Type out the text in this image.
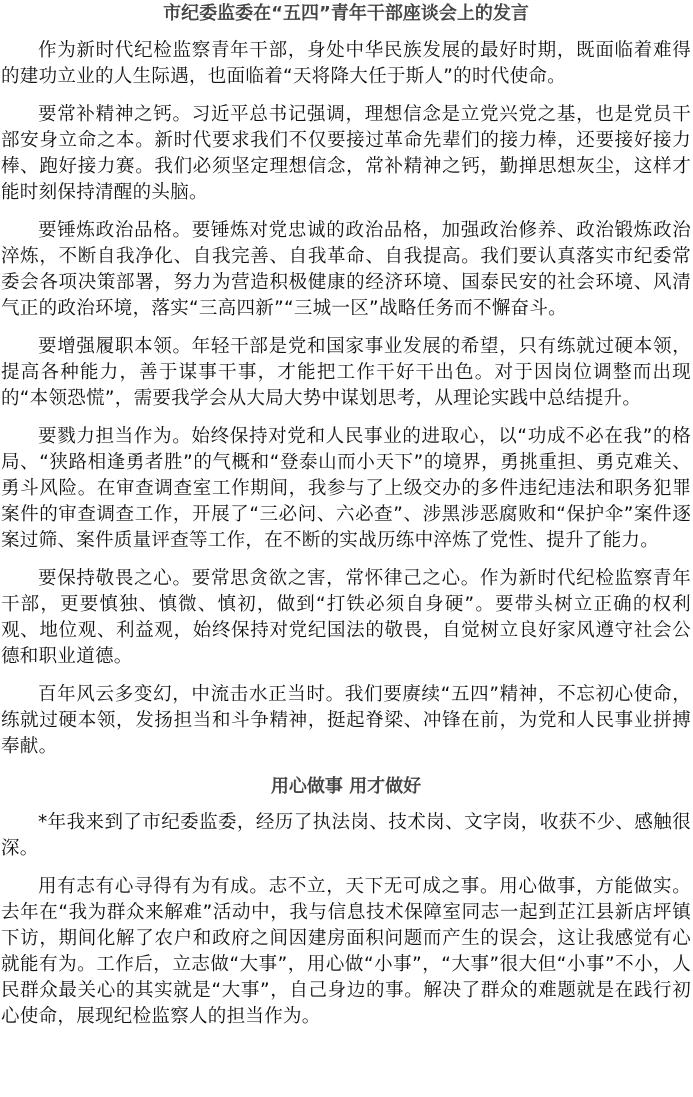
市纪委监委在“五四”青年干部座谈会上的发言

作为新时代纪检监察青年干部，身处中华民族发展的最好时期，既面临着难得的建功立业的人生际遇，也面临着“天将降大任于斯人”的时代使命。

要常补精神之钙。习近平总书记强调，理想信念是立党兴党之基，也是党员干部安身立命之本。新时代要求我们不仅要接过革命先辈们的接力棒，还要接好接力棒、跑好接力赛。我们必须坚定理想信念，常补精神之钙，勤掸思想灰尘，这样才能时刻保持清醒的头脑。

要锤炼政治品格。要锤炼对党忠诚的政治品格，加强政治修养、政治锻炼政治淬炼，不断自我净化、自我完善、自我革命、自我提高。我们要认真落实市纪委常委会各项决策部署，努力为营造积极健康的经济环境、国泰民安的社会环境、风清气正的政治环境，落实“三高四新”“三城一区”战略任务而不懈奋斗。

要增强履职本领。年轻干部是党和国家事业发展的希望，只有练就过硬本领，提高各种能力，善于谋事干事，才能把工作干好干出色。对于因岗位调整而出现的“本领恐慌”，需要我学会从大局大势中谋划思考，从理论实践中总结提升。

要戮力担当作为。始终保持对党和人民事业的进取心，以“功成不必在我”的格局、“狭路相逢勇者胜”的气概和“登泰山而小天下”的境界，勇挑重担、勇克难关、勇斗风险。在审查调查室工作期间，我参与了上级交办的多件违纪违法和职务犯罪案件的审查调查工作，开展了“三必问、六必查”、涉黑涉恶腐败和“保护伞”案件逐案过筛、案件质量评查等工作，在不断的实战历练中淬炼了党性、提升了能力。

要保持敬畏之心。要常思贪欲之害，常怀律己之心。作为新时代纪检监察青年干部，更要慎独、慎微、慎初，做到“打铁必须自身硬”。要带头树立正确的权利观、地位观、利益观，始终保持对党纪国法的敬畏，自觉树立良好家风遵守社会公德和职业道德。

百年风云多变幻，中流击水正当时。我们要赓续“五四”精神，不忘初心使命，练就过硬本领，发扬担当和斗争精神，挺起脊梁、冲锋在前，为党和人民事业拼搏奉献。

用心做事 用才做好

*年我来到了市纪委监委，经历了执法岗、技术岗、文字岗，收获不少、感触很深。

用有志有心寻得有为有成。志不立，天下无可成之事。用心做事，方能做实。去年在“我为群众来解难”活动中，我与信息技术保障室同志一起到芷江县新店坪镇下访，期间化解了农户和政府之间因建房面积问题而产生的误会，这让我感觉有心就能有为。工作后，立志做“大事”，用心做“小事”，“大事”很大但“小事”不小，人民群众最关心的其实就是“大事”，自己身边的事。解决了群众的难题就是在践行初心使命，展现纪检监察人的担当作为。
